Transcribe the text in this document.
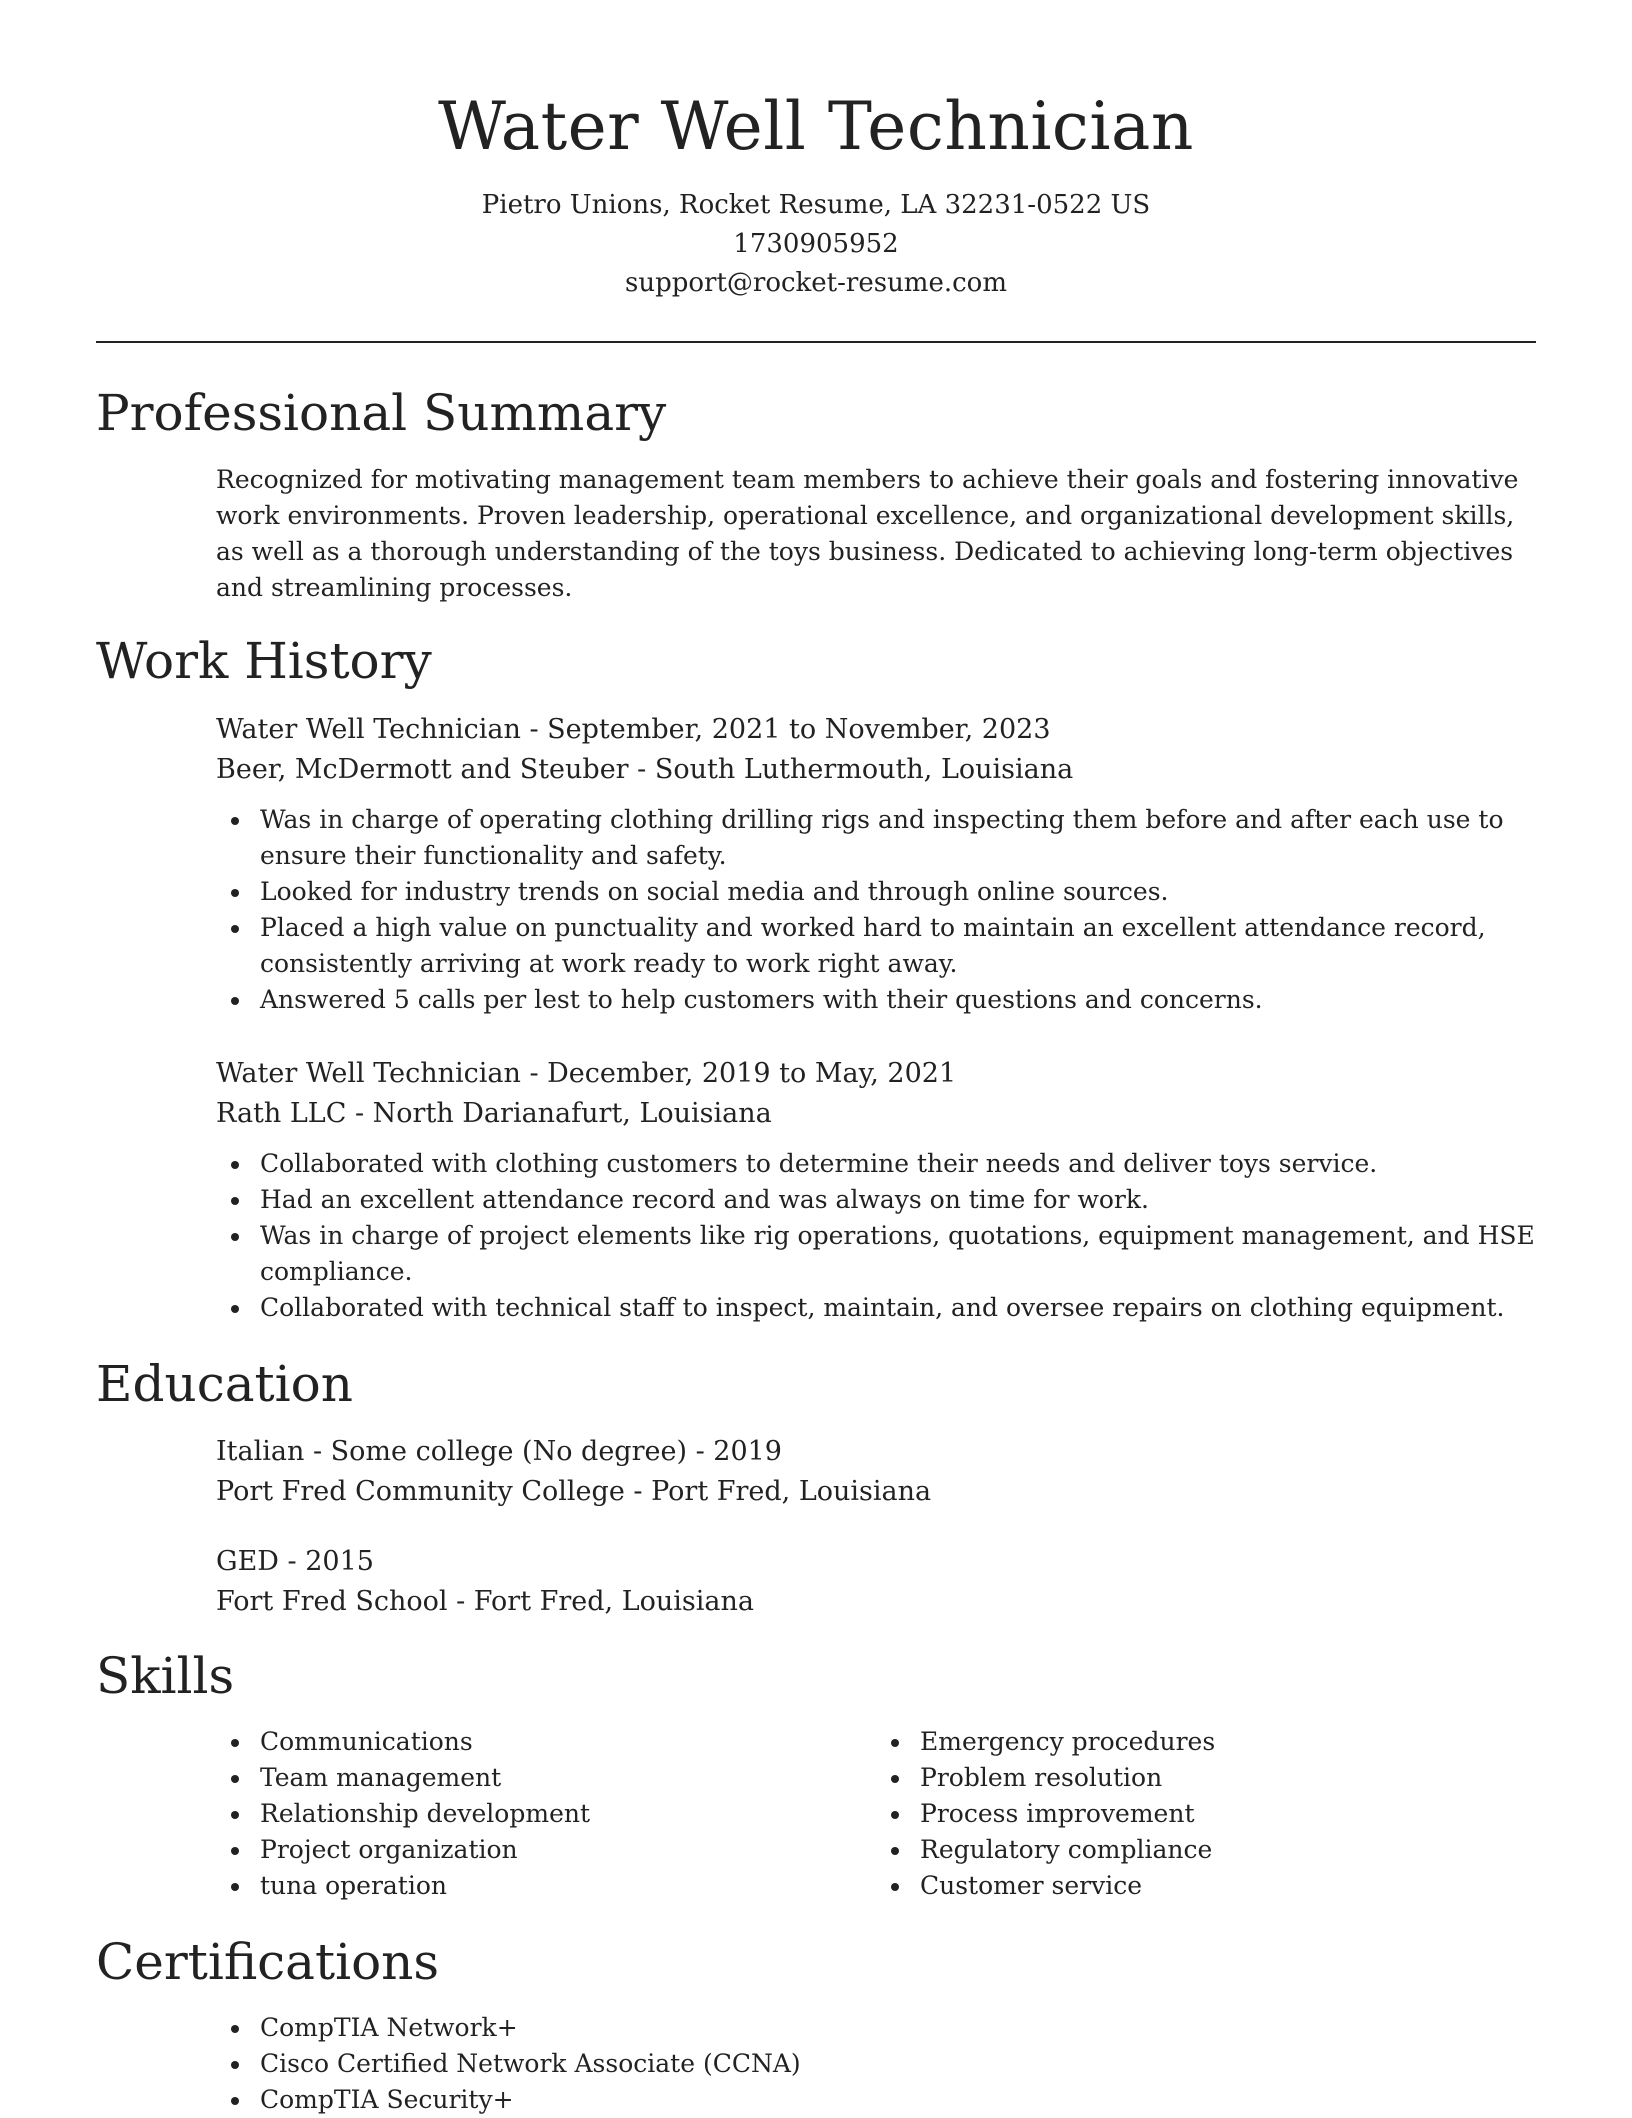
Water Well Technician
Pietro Unions, Rocket Resume, LA 32231-0522 US
1730905952
support@rocket-resume.com
Professional Summary

Recognized for motivating management team members to achieve their goals and fostering innovative work environments. Proven leadership, operational excellence, and organizational development skills, as well as a thorough understanding of the toys business. Dedicated to achieving long-term objectives and streamlining processes.

Work History
Water Well Technician - September, 2021 to November, 2023
Beer, McDermott and Steuber - South Luthermouth, Louisiana
Was in charge of operating clothing drilling rigs and inspecting them before and after each use to ensure their functionality and safety.
Looked for industry trends on social media and through online sources.
Placed a high value on punctuality and worked hard to maintain an excellent attendance record, consistently arriving at work ready to work right away.
Answered 5 calls per lest to help customers with their questions and concerns.
Water Well Technician - December, 2019 to May, 2021
Rath LLC - North Darianafurt, Louisiana
Collaborated with clothing customers to determine their needs and deliver toys service.
Had an excellent attendance record and was always on time for work.
Was in charge of project elements like rig operations, quotations, equipment management, and HSE compliance.
Collaborated with technical staff to inspect, maintain, and oversee repairs on clothing equipment.
Education
Italian - Some college (No degree) - 2019
Port Fred Community College - Port Fred, Louisiana
GED - 2015
Fort Fred School - Fort Fred, Louisiana
Skills
Communications
Team management
Relationship development
Project organization
tuna operation
Emergency procedures
Problem resolution
Process improvement
Regulatory compliance
Customer service
Certifications
CompTIA Network+
Cisco Certified Network Associate (CCNA)
CompTIA Security+
